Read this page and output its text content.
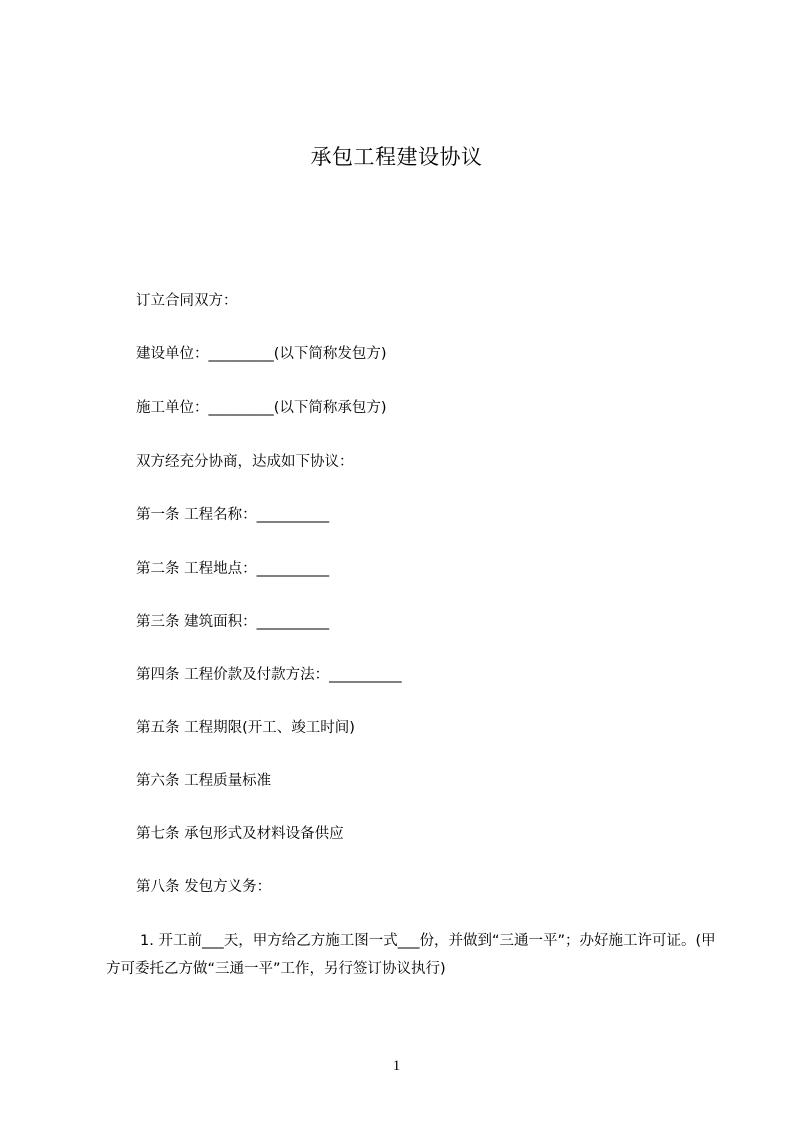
承包工程建设协议
订立合同双方：
建设单位：_________(以下简称发包方)
施工单位：_________(以下简称承包方)
双方经充分协商，达成如下协议：
第一条 工程名称：__________
第二条 工程地点：__________
第三条 建筑面积：__________
第四条 工程价款及付款方法：__________
第五条 工程期限(开工、竣工时间)
第六条 工程质量标准
第七条 承包形式及材料设备供应
第八条 发包方义务：
1. 开工前___天，甲方给乙方施工图一式___份，并做到“三通一平”；办好施工许可证。(甲方可委托乙方做“三通一平”工作，另行签订协议执行)
1
